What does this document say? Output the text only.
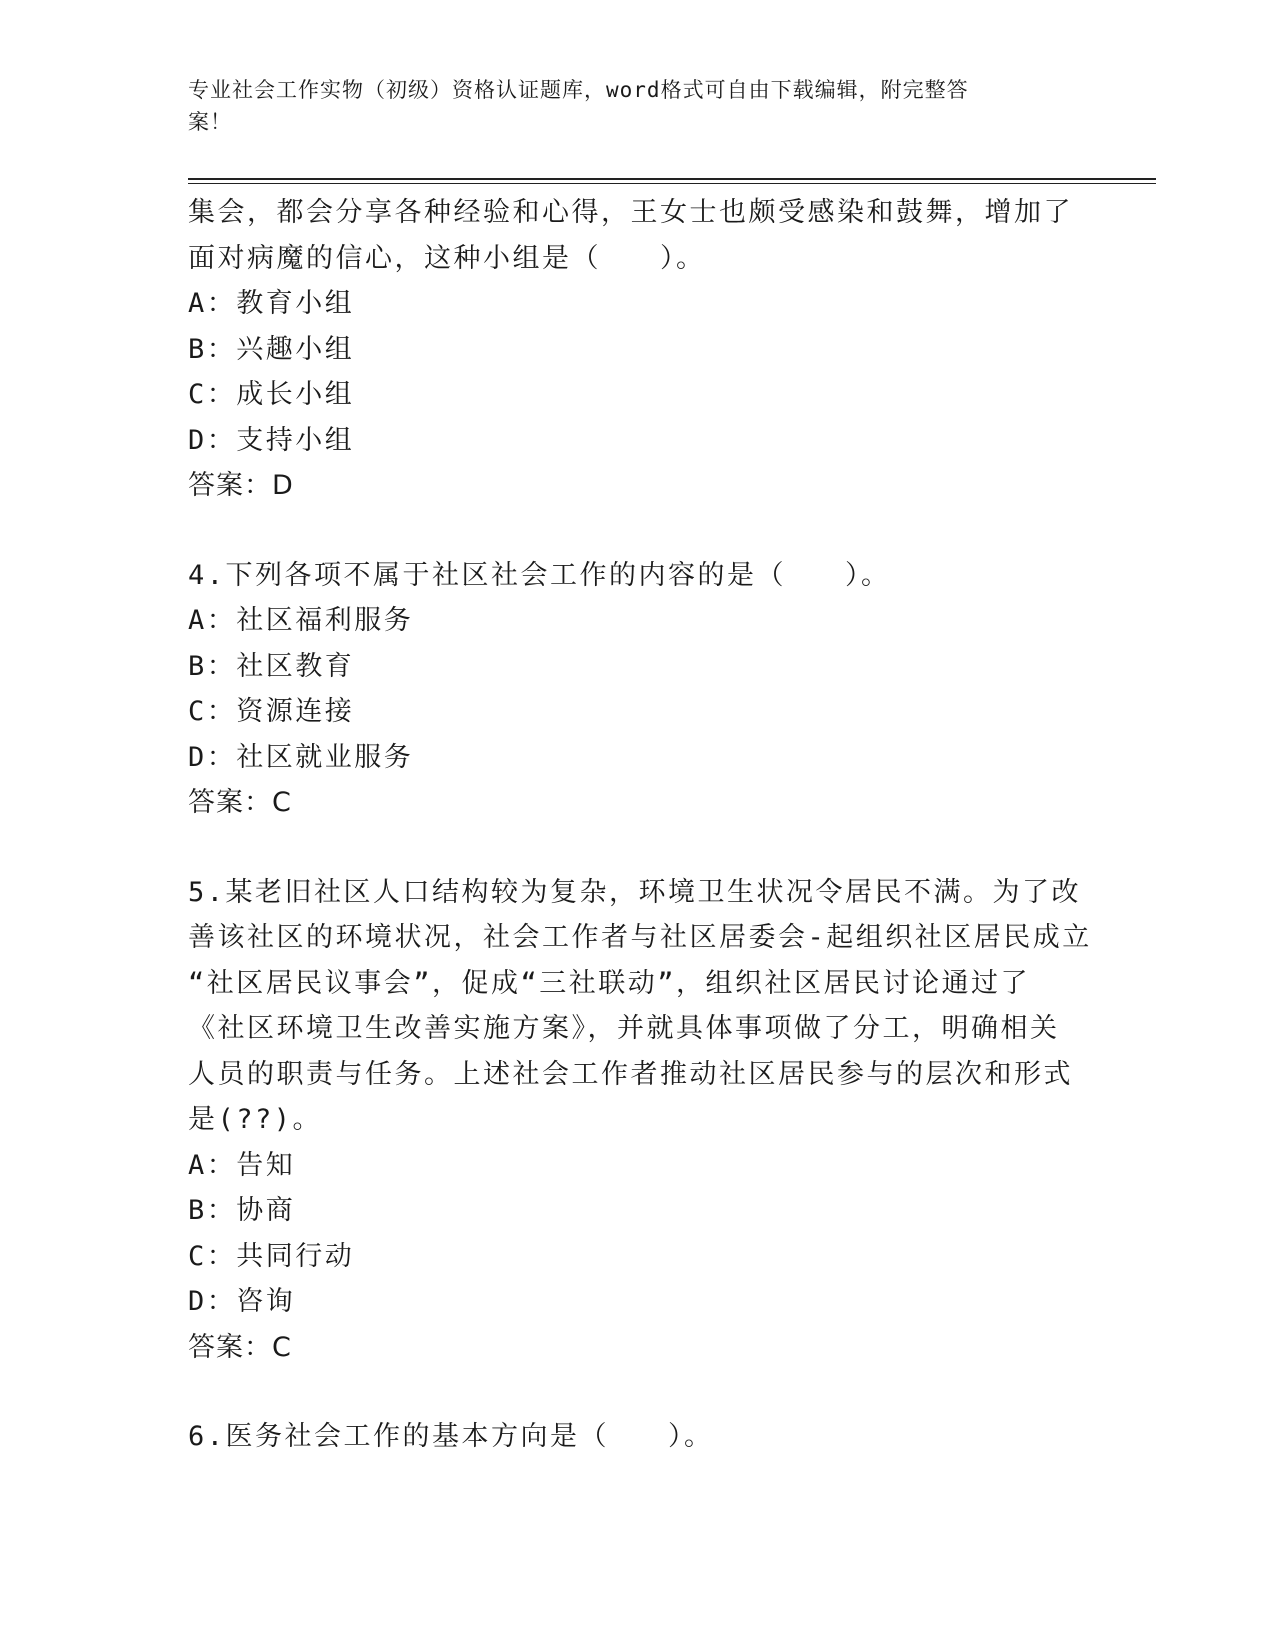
专业社会工作实物（初级）资格认证题库，word格式可自由下载编辑，附完整答
案！
集会，都会分享各种经验和心得，王女士也颇受感染和鼓舞，增加了
面对病魔的信心，这种小组是（　　）。
A：教育小组
B：兴趣小组
C：成长小组
D：支持小组
答案：D
4.下列各项不属于社区社会工作的内容的是（　　）。
A：社区福利服务
B：社区教育
C：资源连接
D：社区就业服务
答案：C
5.某老旧社区人口结构较为复杂，环境卫生状况令居民不满。为了改
善该社区的环境状况，社会工作者与社区居委会-起组织社区居民成立
“社区居民议事会”，促成“三社联动”，组织社区居民讨论通过了
《社区环境卫生改善实施方案》，并就具体事项做了分工，明确相关
人员的职责与任务。上述社会工作者推动社区居民参与的层次和形式
是(??)。
A：告知
B：协商
C：共同行动
D：咨询
答案：C
6.医务社会工作的基本方向是（　　）。
